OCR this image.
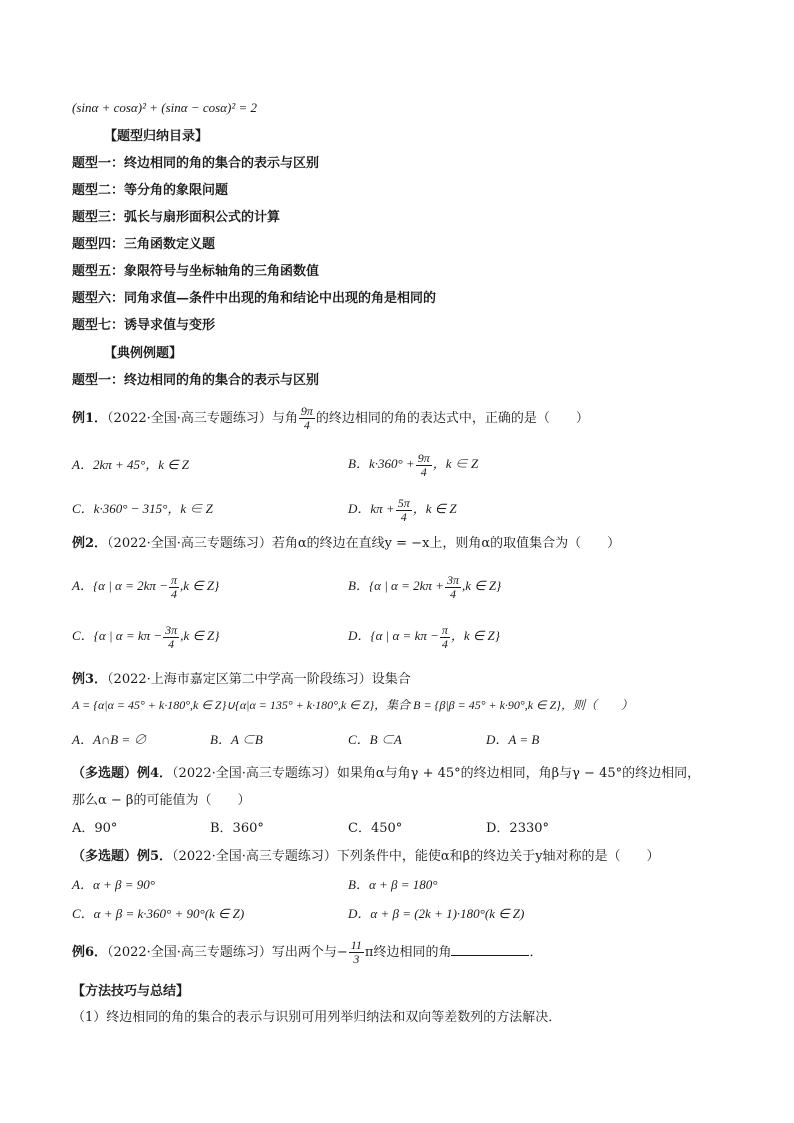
(sinα + cosα)² + (sinα − cosα)² = 2
【题型归纳目录】
题型一：终边相同的角的集合的表示与区别
题型二：等分角的象限问题
题型三：弧长与扇形面积公式的计算
题型四：三角函数定义题
题型五：象限符号与坐标轴角的三角函数值
题型六：同角求值—条件中出现的角和结论中出现的角是相同的
题型七：诱导求值与变形
【典例例题】
题型一：终边相同的角的集合的表示与区别
例1．（2022·全国·高三专题练习）与角 $\frac{9\pi}{4}$ 的终边相同的角的表达式中，正确的是（　　）
A．2kπ + 45°，k ∈ Z	B．$k\cdot 360^\circ + \frac{9\pi}{4}$ ，k ∈ Z
C．k·360° − 315°，k ∈ Z	D．$k\pi + \frac{5\pi}{4}$ ，k ∈ Z
例2．（2022·全国·高三专题练习）若角α的终边在直线y = −x上，则角α的取值集合为（　　）
A．{α | $\alpha = 2k\pi - \frac{\pi}{4} ,k$ ∈ Z}	B．{α | $\alpha = 2k\pi + \frac{3\pi}{4} ,k$ ∈ Z}
C．{α | $\alpha = k\pi - \frac{3\pi}{4} ,k$ ∈ Z}	D．{α | $\alpha = k\pi - \frac{\pi}{4}$ ，k ∈ Z}
例3．（2022·上海市嘉定区第二中学高一阶段练习）设集合
A = {α|α = 45° + k·180°,k ∈ Z}∪{α|α = 135° + k·180°,k ∈ Z}，集合 B = {β|β = 45° + k·90°,k ∈ Z}，则（　　）
A．A∩B = ∅	B．A ⊂B	C．B ⊂A	D．A = B
（多选题）例4．（2022·全国·高三专题练习）如果角α与角γ + 45°的终边相同，角β与γ − 45°的终边相同，
那么α − β的可能值为（　　）
A．90°	B．360°	C．450°	D．2330°
（多选题）例5．（2022·全国·高三专题练习）下列条件中，能使α和β的终边关于y轴对称的是（　　）
A．α + β = 90°	B．α + β = 180°
C．α + β = k·360° + 90°(k ∈ Z)	D．α + β = (2k + 1)·180°(k ∈ Z)
例6．（2022·全国·高三专题练习）写出两个与− $\frac{11}{3}$ π终边相同的角	．
【方法技巧与总结】
（1）终边相同的角的集合的表示与识别可用列举归纳法和双向等差数列的方法解决．
